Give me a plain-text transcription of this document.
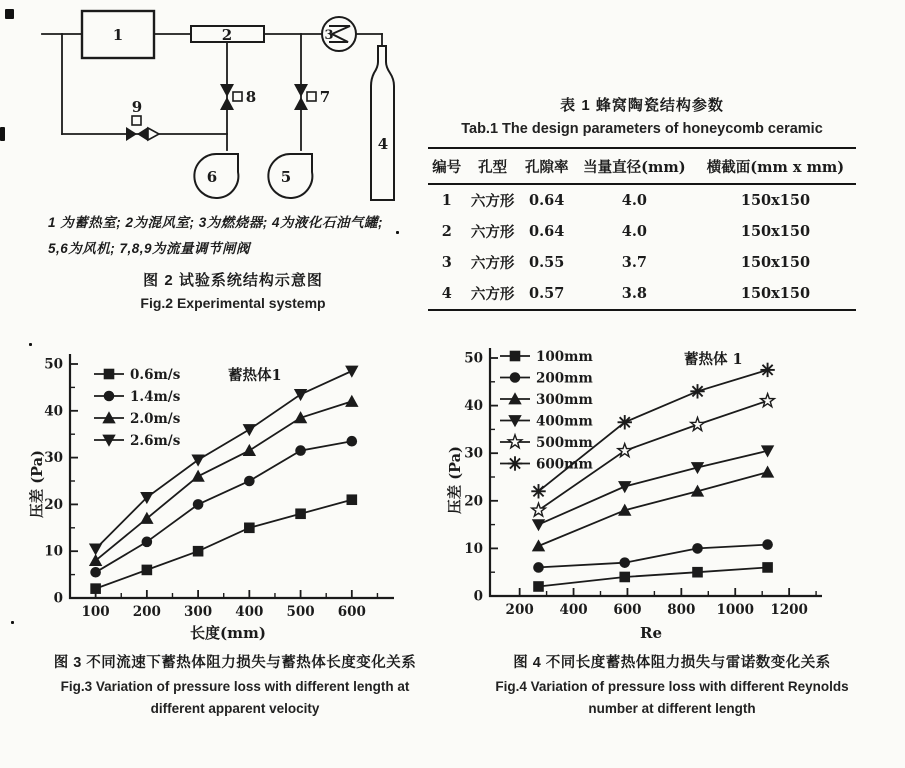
1	2	3
4
5
6
7
8
9
1 为蓄热室; 2为混风室; 3为燃烧器; 4为液化石油气罐;
5,6为风机; 7,8,9为流量调节闸阀
图 2 试验系统结构示意图
Fig.2 Experimental systemp
表 1 蜂窝陶瓷结构参数
Tab.1 The design parameters of honeycomb ceramic
编号	孔型	孔隙率	当量直径(mm)	横截面(mm x mm)
1	六方形	0.64	4.0	150x150
2	六方形	0.64	4.0	150x150
3	六方形	0.55	3.7	150x150
4	六方形	0.57	3.8	150x150
100 200 300 400 500 600
0
10
20
30
40
50
长度(mm)
压差 (Pa)
蓄热体1
0.6m/s
1.4m/s
2.0m/s
2.6m/s
图 3 不同流速下蓄热体阻力损失与蓄热体长度变化关系
Fig.3 Variation of pressure loss with different length at
different apparent velocity
200 400 600 800 1000 1200
0
10
20
30
40
50
Re
压差 (Pa)
蓄热体 1
100mm
200mm
300mm
400mm
500mm
600mm
图 4 不同长度蓄热体阻力损失与雷诺数变化关系
Fig.4 Variation of pressure loss with different Reynolds
number at different length
